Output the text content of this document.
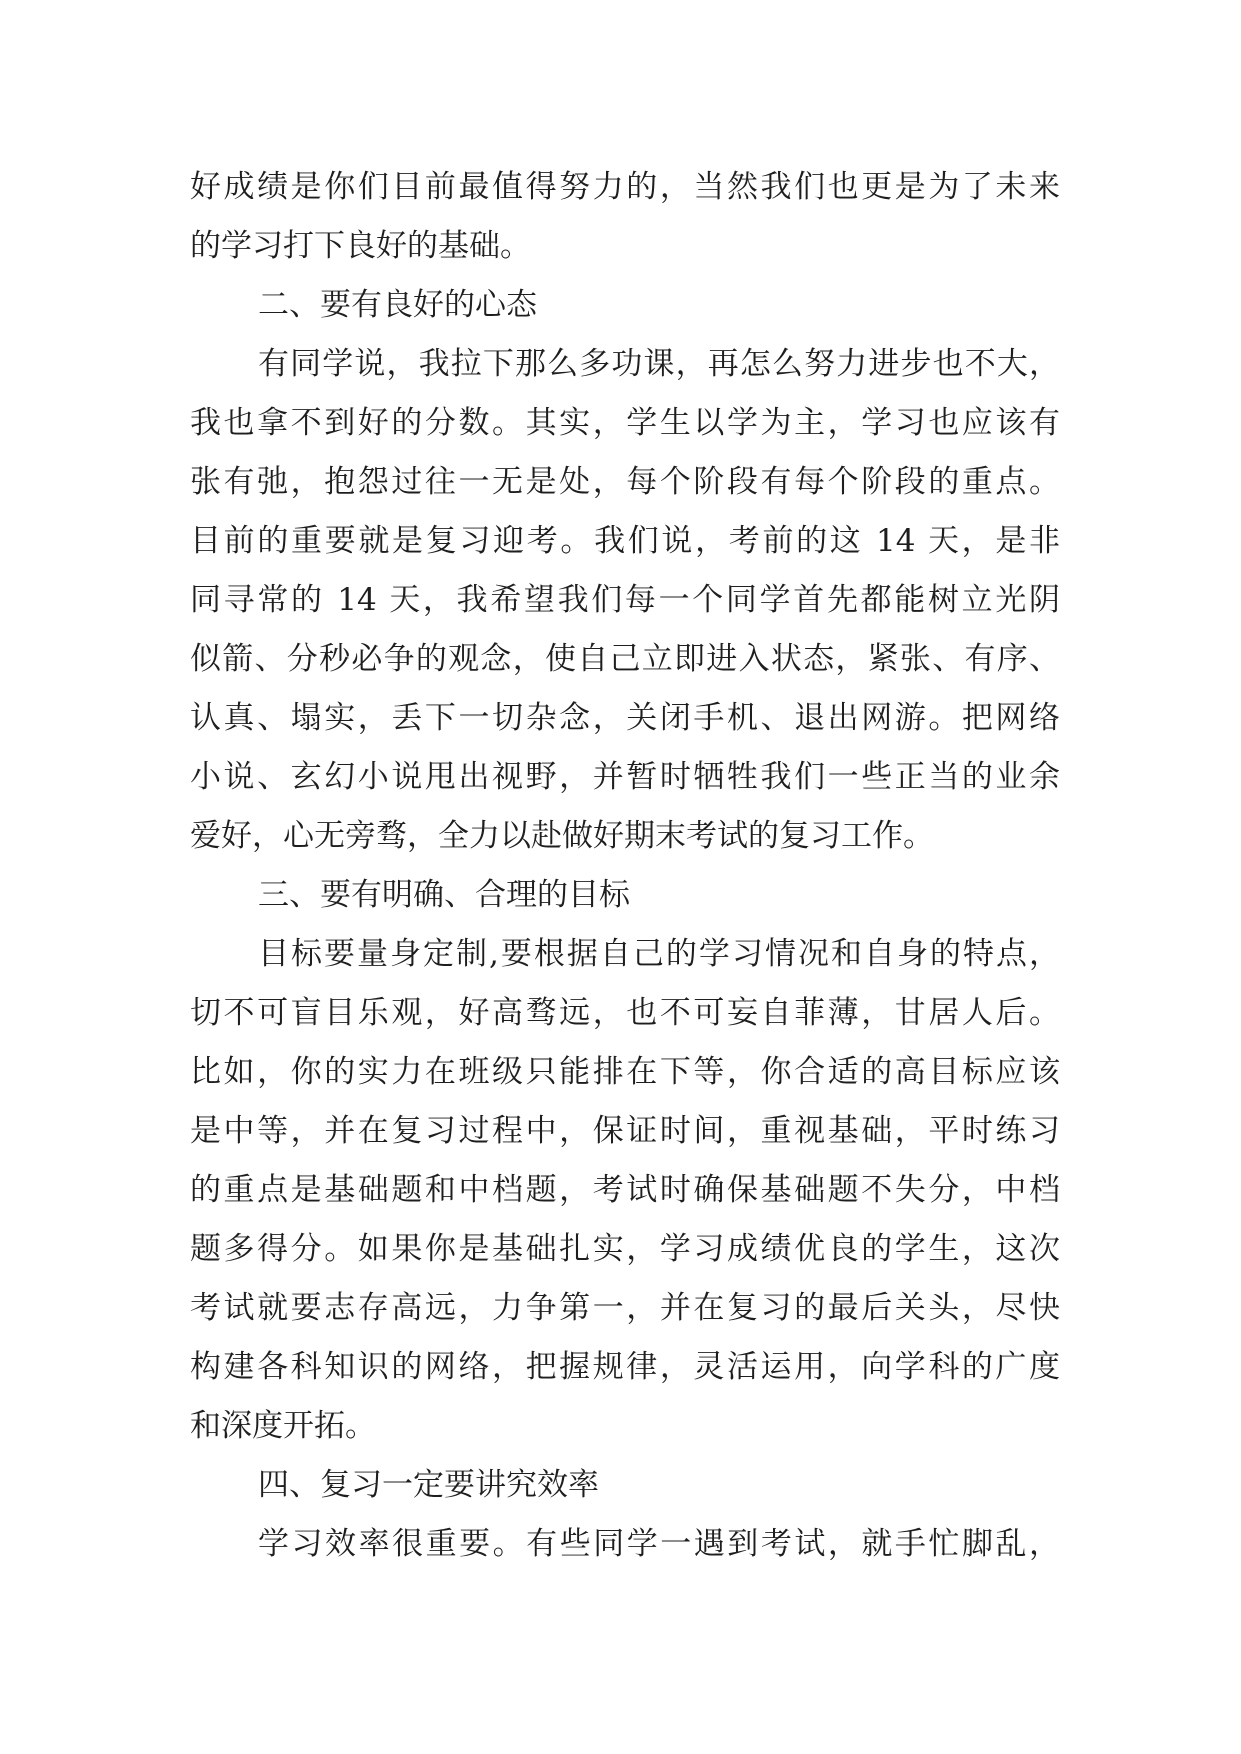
好成绩是你们目前最值得努力的，当然我们也更是为了未来
的学习打下良好的基础。
二、要有良好的心态
有同学说，我拉下那么多功课，再怎么努力进步也不大，
我也拿不到好的分数。其实，学生以学为主，学习也应该有
张有弛，抱怨过往一无是处，每个阶段有每个阶段的重点。
目前的重要就是复习迎考。我们说，考前的这 14 天，是非
同寻常的 14 天，我希望我们每一个同学首先都能树立光阴
似箭、分秒必争的观念，使自己立即进入状态，紧张、有序、
认真、塌实，丢下一切杂念，关闭手机、退出网游。把网络
小说、玄幻小说甩出视野，并暂时牺牲我们一些正当的业余
爱好，心无旁骛，全力以赴做好期末考试的复习工作。
三、要有明确、合理的目标
目标要量身定制,要根据自己的学习情况和自身的特点，
切不可盲目乐观，好高骛远，也不可妄自菲薄，甘居人后。
比如，你的实力在班级只能排在下等，你合适的高目标应该
是中等，并在复习过程中，保证时间，重视基础，平时练习
的重点是基础题和中档题，考试时确保基础题不失分，中档
题多得分。如果你是基础扎实，学习成绩优良的学生，这次
考试就要志存高远，力争第一，并在复习的最后关头，尽快
构建各科知识的网络，把握规律，灵活运用，向学科的广度
和深度开拓。
四、复习一定要讲究效率
学习效率很重要。有些同学一遇到考试，就手忙脚乱，
